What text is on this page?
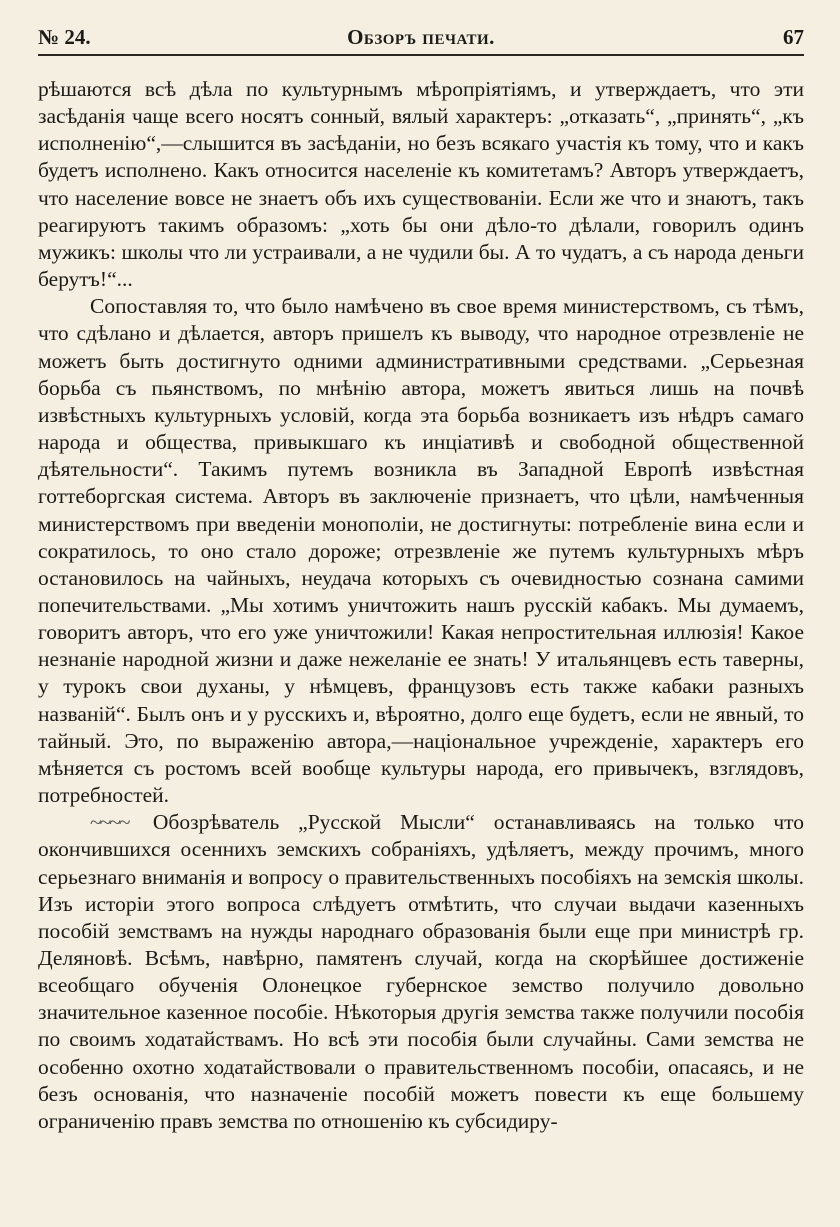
№ 24.	Обзоръ печати.	67

рѣшаются всѣ дѣла по культурнымъ мѣропріятіямъ, и утверждаетъ, что эти засѣданія чаще всего носятъ сонный, вялый характеръ: „отказать“, „принять“, „къ исполненію“,—слышится въ засѣданіи, но безъ всякаго участія къ тому, что и какъ будетъ исполнено. Какъ относится населеніе къ комитетамъ? Авторъ утверждаетъ, что население вовсе не знаетъ объ ихъ существованіи. Если же что и знаютъ, такъ реагируютъ такимъ образомъ: „хоть бы они дѣло-то дѣлали, говорилъ одинъ мужикъ: школы что ли устраивали, а не чудили бы. А то чудатъ, а съ народа деньги берутъ!“...

Сопоставляя то, что было намѣчено въ свое время министерствомъ, съ тѣмъ, что сдѣлано и дѣлается, авторъ пришелъ къ выводу, что народное отрезвленіе не можетъ быть достигнуто одними административными средствами. „Серьезная борьба съ пьянствомъ, по мнѣнію автора, можетъ явиться лишь на почвѣ извѣстныхъ культурныхъ условій, когда эта борьба возникаетъ изъ нѣдръ самаго народа и общества, привыкшаго къ инціативѣ и свободной общественной дѣятельности“. Такимъ путемъ возникла въ Западной Европѣ извѣстная готтеборгская система. Авторъ въ заключеніе признаетъ, что цѣли, намѣченныя министерствомъ при введеніи монополіи, не достигнуты: потребленіе вина если и сократилось, то оно стало дороже; отрезвленіе же путемъ культурныхъ мѣръ остановилось на чайныхъ, неудача которыхъ съ очевидностью сознана самими попечительствами. „Мы хотимъ уничтожить нашъ русскій кабакъ. Мы думаемъ, говоритъ авторъ, что его уже уничтожили! Какая непростительная иллюзія! Какое незнаніе народной жизни и даже нежеланіе ее знать! У итальянцевъ есть таверны, у турокъ свои духаны, у нѣмцевъ, французовъ есть также кабаки разныхъ названій“. Былъ онъ и у русскихъ и, вѣроятно, долго еще будетъ, если не явный, то тайный. Это, по выраженію автора,—національное учрежденіе, характеръ его мѣняется съ ростомъ всей вообще культуры народа, его привычекъ, взглядовъ, потребностей.

~~~~ Обозрѣватель „Русской Мысли“ останавливаясь на только что окончившихся осеннихъ земскихъ собраніяхъ, удѣляетъ, между прочимъ, много серьезнаго вниманія и вопросу о правительственныхъ пособіяхъ на земскія школы. Изъ исторіи этого вопроса слѣдуетъ отмѣтить, что случаи выдачи казенныхъ пособій земствамъ на нужды народнаго образованія были еще при министрѣ гр. Деляновѣ. Всѣмъ, навѣрно, памятенъ случай, когда на скорѣйшее достиженіе всеобщаго обученія Олонецкое губернское земство получило довольно значительное казенное пособіе. Нѣкоторыя другія земства также получили пособія по своимъ ходатайствамъ. Но всѣ эти пособія были случайны. Сами земства не особенно охотно ходатайствовали о правительственномъ пособіи, опасаясь, и не безъ основанія, что назначеніе пособій можетъ повести къ еще большему ограниченію правъ земства по отношенію къ субсидиру-
